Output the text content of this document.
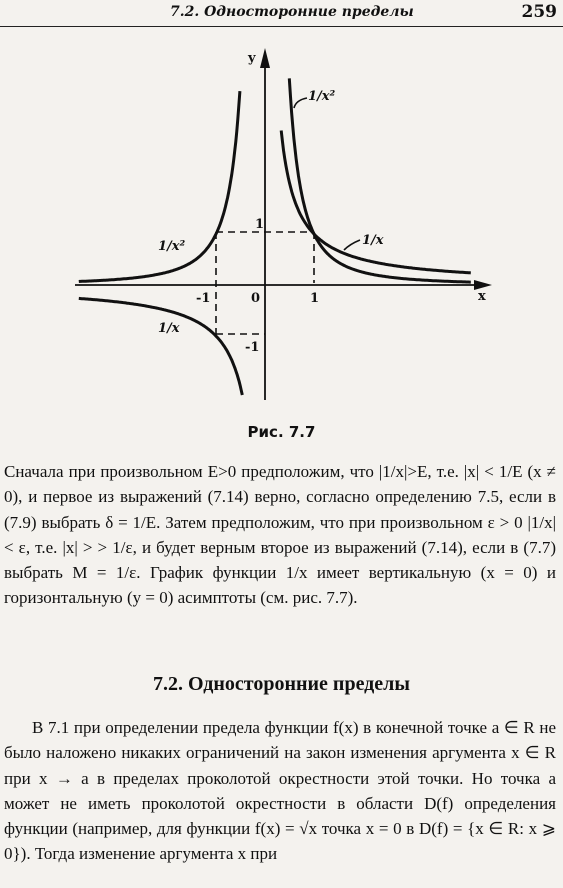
7.2. Односторонние пределы	259
y
x
-1	1
0
1
-1
1/x²
1/x²	1/x
1/x
Рис. 7.7

Сначала при произвольном E>0 предположим, что |1/x|>E, т.е. |x| < 1/E (x ≠ 0), и первое из выражений (7.14) верно, согласно определению 7.5, если в (7.9) выбрать δ = 1/E. Затем предположим, что при произвольном ε > 0 |1/x| < ε, т.е. |x| > > 1/ε, и будет верным второе из выражений (7.14), если в (7.7) выбрать M = 1/ε. График функции 1/x имеет вертикальную (x = 0) и горизонтальную (y = 0) асимптоты (см. рис. 7.7).

7.2. Односторонние пределы

В 7.1 при определении предела функции f(x) в конечной точке a ∈ R не было наложено никаких ограничений на закон изменения аргумента x ∈ R при x → a в пределах проколотой окрестности этой точки. Но точка a может не иметь проколотой окрестности в области D(f) определения функции (например, для функции f(x) = √x точка x = 0 в D(f) = {x ∈ R: x ⩾ 0}). Тогда изменение аргумента x при
